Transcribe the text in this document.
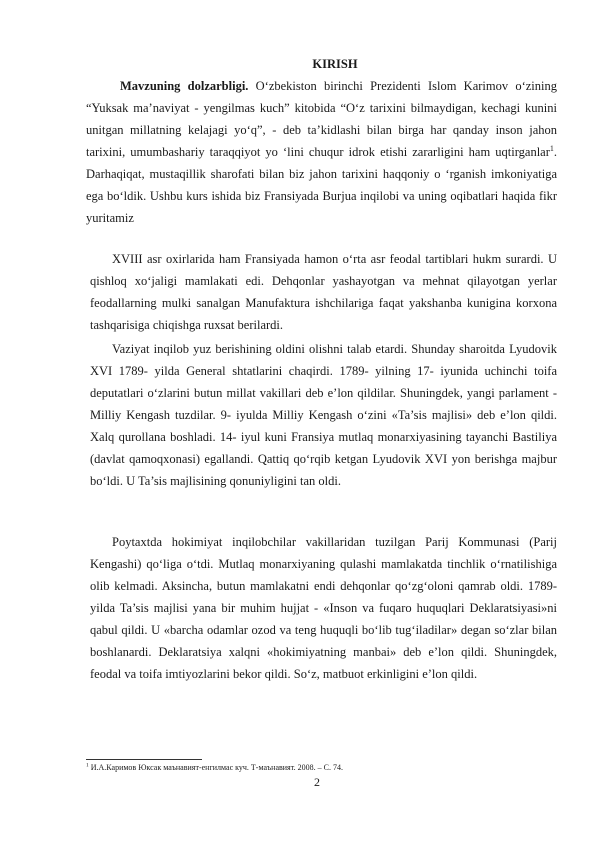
KIRISH

Mavzuning dolzarbligi. O‘zbekiston birinchi Prezidenti Islom Karimov o‘zining “Yuksak ma’naviyat - yengilmas kuch” kitobida “O‘z tarixini bilmaydigan, kechagi kunini unitgan millatning kelajagi yo‘q”, - deb ta’kidlashi bilan birga har qanday inson jahon tarixini, umumbashariy taraqqiyot yo ‘lini chuqur idrok etishi zararligini ham uqtirganlar$^1$. Darhaqiqat, mustaqillik sharofati bilan biz jahon tarixini haqqoniy o ‘rganish imkoniyatiga ega bo‘ldik. Ushbu kurs ishida biz Fransiyada Burjua inqilobi va uning oqibatlari haqida fikr yuritamiz

XVIII asr oxirlarida ham Fransiyada hamon o‘rta asr feodal tartiblari hukm surardi. U qishloq xo‘jaligi mamlakati edi. Dehqonlar yashayotgan va mehnat qilayotgan yerlar feodallarning mulki sanalgan Manufaktura ishchilariga faqat yakshanba kunigina korxona tashqarisiga chiqishga ruxsat berilardi.

Vaziyat inqilob yuz berishining oldini olishni talab etardi. Shunday sharoitda Lyudovik XVI 1789- yilda General shtatlarini chaqirdi. 1789- yilning 17- iyunida uchinchi toifa deputatlari o‘zlarini butun millat vakillari deb e’lon qildilar. Shuningdek, yangi parlament - Milliy Kengash tuzdilar. 9- iyulda Milliy Kengash o‘zini «Ta’sis majlisi» deb e’lon qildi. Xalq qurollana boshladi. 14- iyul kuni Fransiya mutlaq monarxiyasining tayanchi Bastiliya (davlat qamoqxonasi) egallandi. Qattiq qo‘rqib ketgan Lyudovik XVI yon berishga majbur bo‘ldi. U Ta’sis majlisining qonuniyligini tan oldi.

Poytaxtda hokimiyat inqilobchilar vakillaridan tuzilgan Parij Kommunasi (Parij Kengashi) qo‘liga o‘tdi. Mutlaq monarxiyaning qulashi mamlakatda tinchlik o‘rnatilishiga olib kelmadi. Aksincha, butun mamlakatni endi dehqonlar qo‘zg‘oloni qamrab oldi. 1789- yilda Ta’sis majlisi yana bir muhim hujjat - «Inson va fuqaro huquqlari Deklaratsiyasi»ni qabul qildi. U «barcha odamlar ozod va teng huquqli bo‘lib tug‘iladilar» degan so‘zlar bilan boshlanardi. Deklaratsiya xalqni «hokimiyatning manbai» deb e’lon qildi. Shuningdek, feodal va toifa imtiyozlarini bekor qildi. So‘z, matbuot erkinligini e’lon qildi.

$^1$ И.А.Каримов Юксак маънавият-енгилмас куч. Т-маънавият. 2008. – С. 74.
2
